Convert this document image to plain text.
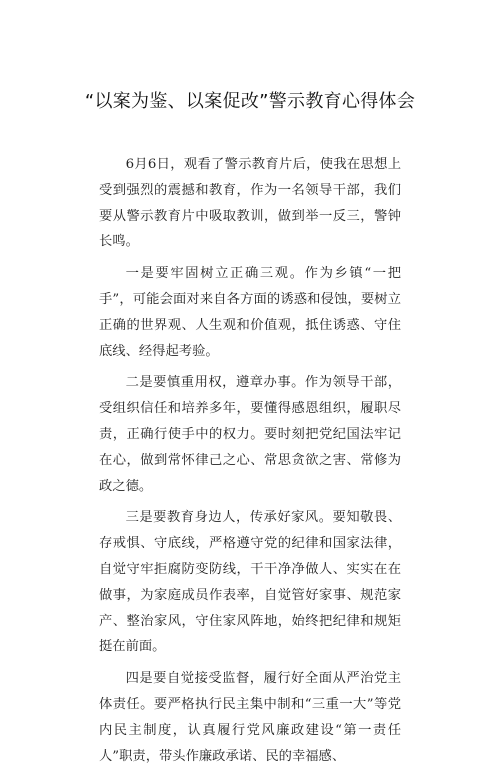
“以案为鉴、以案促改”警示教育心得体会

6月6日，观看了警示教育片后，使我在思想上受到强烈的震撼和教育，作为一名领导干部，我们要从警示教育片中吸取教训，做到举一反三，警钟长鸣。

一是要牢固树立正确三观。作为乡镇“一把手”，可能会面对来自各方面的诱惑和侵蚀，要树立正确的世界观、人生观和价值观，抵住诱惑、守住底线、经得起考验。

二是要慎重用权，遵章办事。作为领导干部，受组织信任和培养多年，要懂得感恩组织，履职尽责，正确行使手中的权力。要时刻把党纪国法牢记在心，做到常怀律己之心、常思贪欲之害、常修为政之德。

三是要教育身边人，传承好家风。要知敬畏、存戒惧、守底线，严格遵守党的纪律和国家法律，自觉守牢拒腐防变防线，干干净净做人、实实在在做事，为家庭成员作表率，自觉管好家事、规范家产、整治家风，守住家风阵地，始终把纪律和规矩挺在前面。

四是要自觉接受监督，履行好全面从严治党主体责任。要严格执行民主集中制和“三重一大”等党内民主制度，认真履行党风廉政建设“第一责任人”职责，带头作廉政承诺、民的幸福感、
